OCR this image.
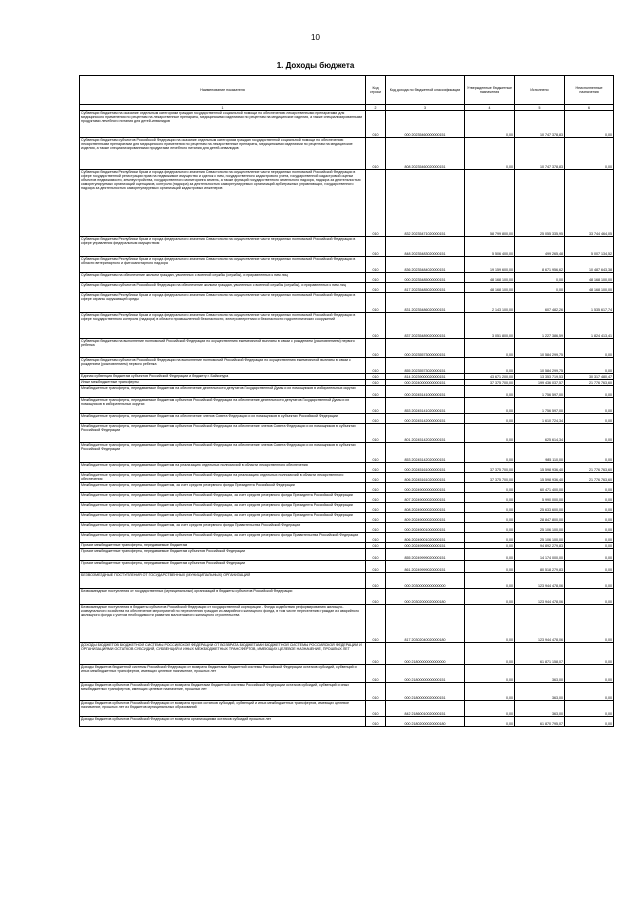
10
1. Доходы бюджета
Наименование показателя	Код строки	Код дохода по бюджетной классификации	Утвержденные бюджетные назначения	Исполнено	Неисполненные назначения
1	2	3	4	5	6
Субвенции бюджетам на оказание отдельным категориям граждан государственной социальной помощи по обеспечению лекарственными препаратами для медицинского применения по рецептам на лекарственные препараты, медицинскими изделиями по рецептам на медицинские изделия, а также специализированными продуктами лечебного питания для детей-инвалидов	010	000 20235460000000151	0,00	10 747 378,83	0,00
Субвенции бюджетам субъектов Российской Федерации на оказание отдельным категориям граждан государственной социальной помощи по обеспечению лекарственными препаратами для медицинского применения по рецептам на лекарственные препараты, медицинскими изделиями по рецептам на медицинские изделия, а также специализированными продуктами лечебного питания для детей-инвалидов	010	808 20235460020000151	0,00	10 747 378,83	0,00
Субвенции бюджетам Республики Крым и города федерального значения Севастополя на осуществление части переданных полномочий Российской Федерации в сфере государственной регистрации прав на недвижимое имущество и сделок с ним, государственного кадастрового учета, государственной кадастровой оценки объектов недвижимости, землеустройства, государственного мониторинга земель, а также функций государственного земельного надзора, надзора за деятельностью саморегулируемых организаций оценщиков, контроля (надзора) за деятельностью саморегулируемых организаций арбитражных управляющих, государственного надзора за деятельностью саморегулируемых организаций кадастровых инженеров	010	832 20235471020000151	58 799 800,00	25 055 335,95	33 744 464,05
Субвенции бюджетам Республики Крым и города федерального значения Севастополя на осуществление части переданных полномочий Российской Федерации в сфере управления федеральным имуществом	010	848 20235483020000151	5 506 400,00	499 265,48	5 007 134,52
Субвенции бюджетам Республики Крым и города федерального значения Севастополя на осуществление части переданных полномочий Российской Федерации в области ветеринарного и фитосанитарного надзора	010	836 20235484020000151	19 159 600,00	8 671 956,62	10 487 643,38
Субвенции бюджетам на обеспечение жильем граждан, уволенных с военной службы (службы), и приравненных к ним лиц	010	000 20235485000000151	48 168 100,00	0,00	48 168 100,00
Субвенции бюджетам субъектов Российской Федерации на обеспечение жильем граждан, уволенных с военной службы (службы), и приравненных к ним лиц	010	817 20235485020000151	48 168 100,00	0,00	48 168 100,00
Субвенции бюджетам Республики Крым и города федерального значения Севастополя на осуществление части переданных полномочий Российской Федерации в сфере охраны окружающей среды	010	831 20235486020000151	2 143 100,00	607 482,26	1 535 617,74
Субвенции бюджетам Республики Крым и города федерального значения Севастополя на осуществление части переданных полномочий Российской Федерации в сфере государственного контроля (надзора) в области промышленной безопасности, электроэнергетики и безопасности гидротехнических сооружений	010	837 20235489020000151	3 051 800,00	1 227 386,59	1 824 413,41
Субвенции бюджетам на выполнение полномочий Российской Федерации по осуществлению ежемесячной выплаты в связи с рождением (усыновлением) первого ребенка	010	000 20235573000000151	0,00	10 584 299,75	0,00
Субвенции бюджетам субъектов Российской Федерации на выполнение полномочий Российской Федерации по осуществлению ежемесячной выплаты в связи с рождением (усыновлением) первого ребенка	010	855 20235573020000151	0,00	10 584 299,75	0,00
Единая субвенция бюджетам субъектов Российской Федерации и бюджету г. Байконура	010	814 20239000020000151	43 671 200,00	13 353 719,53	30 317 480,47
Иные межбюджетные трансферты	010	000 20240000000000151	37 375 700,00	199 436 037,57	21 776 763,60
Межбюджетные трансферты, передаваемые бюджетам на обеспечение деятельности депутатов Государственной Думы и их помощников в избирательных округах	010	000 20245141000000151	0,00	1 756 597,00	0,00
Межбюджетные трансферты, передаваемые бюджетам субъектов Российской Федерации на обеспечение деятельности депутатов Государственной Думы и их помощников в избирательных округах	010	853 20245141020000151	0,00	1 756 597,00	0,00
Межбюджетные трансферты, передаваемые бюджетам на обеспечение членов Совета Федерации и их помощников в субъектах Российской Федерации	010	000 20245142000000151	0,00	1 610 724,34	0,00
Межбюджетные трансферты, передаваемые бюджетам субъектов Российской Федерации на обеспечение членов Совета Федерации и их помощников в субъектах Российской Федерации	010	801 20245142020000151	0,00	625 614,34	0,00
Межбюджетные трансферты, передаваемые бюджетам субъектов Российской Федерации на обеспечение членов Совета Федерации и их помощников в субъектах Российской Федерации	010	853 20245142020000151	0,00	985 110,00	0,00
Межбюджетные трансферты, передаваемые бюджетам на реализацию отдельных полномочий в области лекарственного обеспечения	010	000 20245161000000151	37 375 700,00	15 598 936,40	21 776 763,60
Межбюджетные трансферты, передаваемые бюджетам субъектов Российской Федерации на реализацию отдельных полномочий в области лекарственного обеспечения	010	806 20245161020000151	37 375 700,00	15 598 936,40	21 776 763,60
Межбюджетные трансферты, передаваемые бюджетам, за счет средств резервного фонда Президента Российской Федерации	010	000 20249000000000151	0,00	60 471 400,00	0,00
Межбюджетные трансферты, передаваемые бюджетам субъектов Российской Федерации, за счет средств резервного фонда Президента Российской Федерации	010	807 20249000020000151	0,00	5 990 000,00	0,00
Межбюджетные трансферты, передаваемые бюджетам субъектов Российской Федерации, за счет средств резервного фонда Президента Российской Федерации	010	808 20249000020000151	0,00	25 633 600,00	0,00
Межбюджетные трансферты, передаваемые бюджетам субъектов Российской Федерации, за счет средств резервного фонда Президента Российской Федерации	010	809 20249000020000151	0,00	28 847 800,00	0,00
Межбюджетные трансферты, передаваемые бюджетам, за счет средств резервного фонда Правительства Российской Федерации	010	000 20249001000000151	0,00	25 106 100,00	0,00
Межбюджетные трансферты, передаваемые бюджетам субъектов Российской Федерации, за счет средств резервного фонда Правительства Российской Федерации	010	806 20249001020000151	0,00	25 106 100,00	0,00
Прочие межбюджетные трансферты, передаваемые бюджетам	010	000 20249999000000151	0,00	94 892 279,83	0,00
Прочие межбюджетные трансферты, передаваемые бюджетам субъектов Российской Федерации	010	855 20249999020000151	0,00	14 174 000,00	0,00
Прочие межбюджетные трансферты, передаваемые бюджетам субъектов Российской Федерации	010	861 20249999020000151	0,00	80 518 279,83	0,00
БЕЗВОЗМЕЗДНЫЕ ПОСТУПЛЕНИЯ ОТ ГОСУДАРСТВЕННЫХ (МУНИЦИПАЛЬНЫХ) ОРГАНИЗАЦИЙ	010	000 20300000000000000	0,00	123 944 478,06	0,00
Безвозмездные поступления от государственных (муниципальных) организаций в бюджеты субъектов Российской Федерации	010	000 20302000020000180	0,00	123 944 478,06	0,00
Безвозмездные поступления в бюджеты субъектов Российской Федерации от государственной корпорации - Фонда содействия реформированию жилищно-коммунального хозяйства на обеспечение мероприятий по переселению граждан из аварийного жилищного фонда, в том числе переселению граждан из аварийного жилищного фонда с учетом необходимости развития малоэтажного жилищного строительства	010	817 20302040020000180	0,00	123 944 478,06	0,00
ДОХОДЫ БЮДЖЕТОВ БЮДЖЕТНОЙ СИСТЕМЫ РОССИЙСКОЙ ФЕДЕРАЦИИ ОТ ВОЗВРАТА БЮДЖЕТАМИ БЮДЖЕТНОЙ СИСТЕМЫ РОССИЙСКОЙ ФЕДЕРАЦИИ И ОРГАНИЗАЦИЯМИ ОСТАТКОВ СУБСИДИЙ, СУБВЕНЦИЙ И ИНЫХ МЕЖБЮДЖЕТНЫХ ТРАНСФЕРТОВ, ИМЕЮЩИХ ЦЕЛЕВОЕ НАЗНАЧЕНИЕ, ПРОШЛЫХ ЛЕТ	010	000 21800000000000000	0,00	61 871 158,07	0,00
Доходы бюджетов бюджетной системы Российской Федерации от возврата бюджетами бюджетной системы Российской Федерации остатков субсидий, субвенций и иных межбюджетных трансфертов, имеющих целевое назначение, прошлых лет	010	000 21800000000000151	0,00	363,00	0,00
Доходы бюджетов субъектов Российской Федерации от возврата бюджетами бюджетной системы Российской Федерации остатков субсидий, субвенций и иных межбюджетных трансфертов, имеющих целевое назначение, прошлых лет	010	000 21800000020000151	0,00	363,00	0,00
Доходы бюджетов субъектов Российской Федерации от возврата прочих остатков субсидий, субвенций и иных межбюджетных трансфертов, имеющих целевое назначение, прошлых лет из бюджетов муниципальных образований	010	842 21860010020000151	0,00	363,00	0,00
Доходы бюджетов субъектов Российской Федерации от возврата организациями остатков субсидий прошлых лет	010	000 21802000020000180	0,00	61 870 795,07	0,00
